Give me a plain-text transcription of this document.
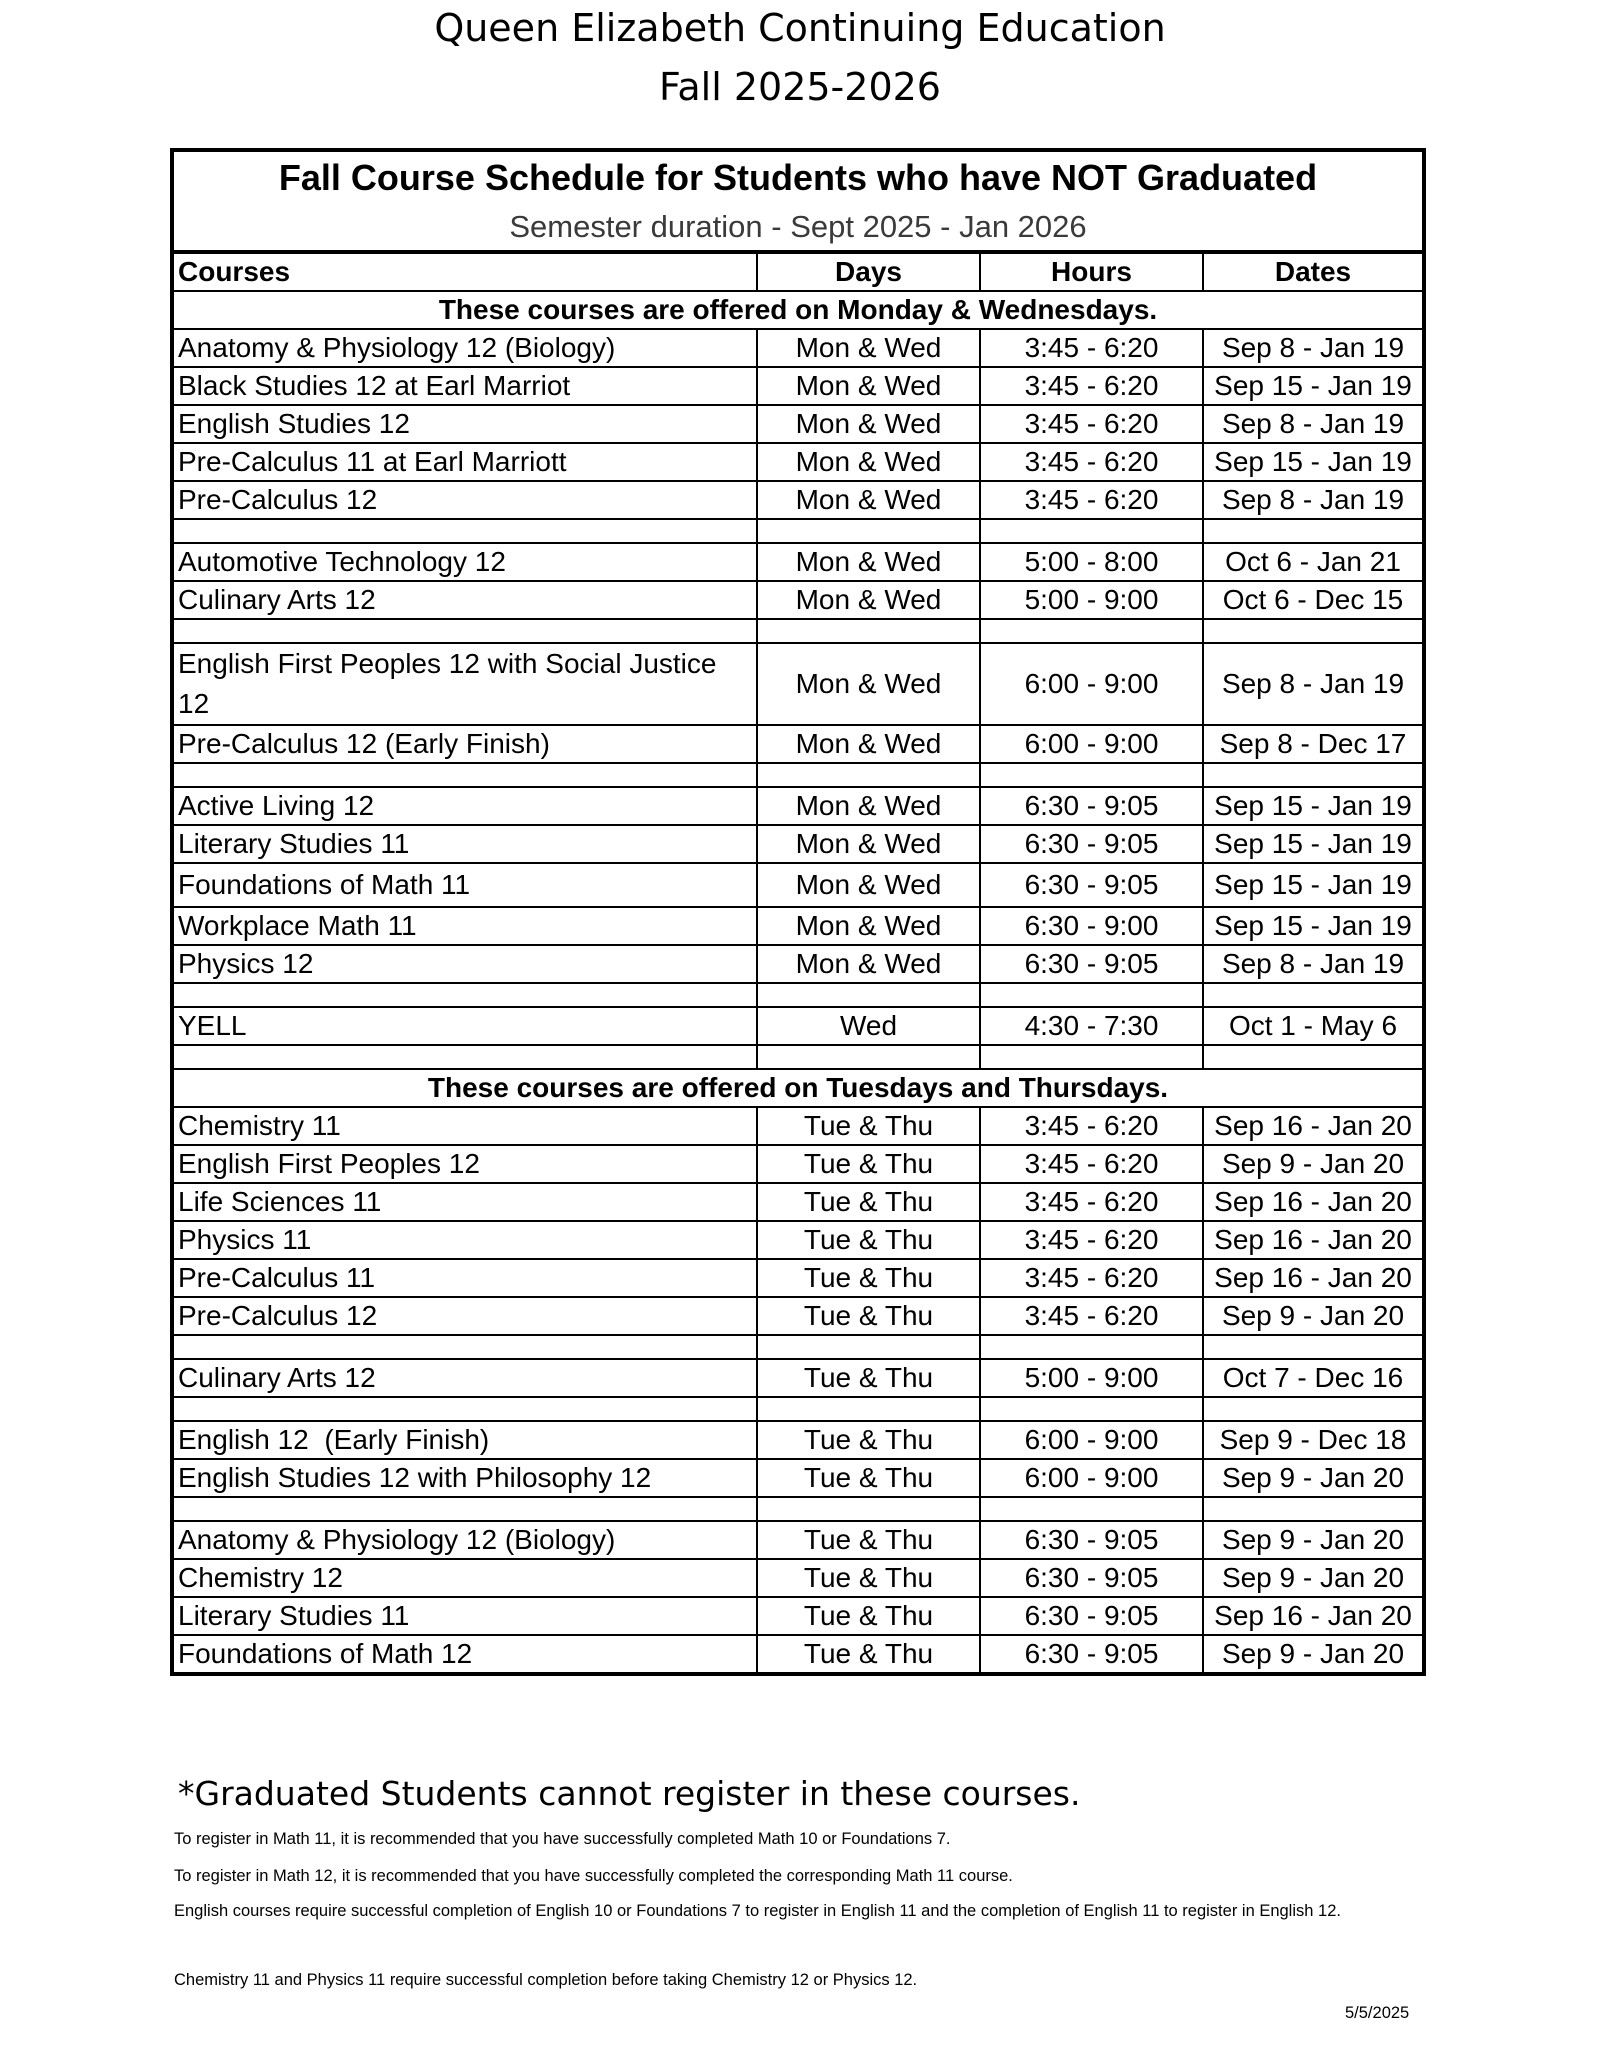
Queen Elizabeth Continuing Education
Fall 2025-2026
Fall Course Schedule for Students who have NOT Graduated
Semester duration - Sept 2025 - Jan 2026
Courses	Days	Hours	Dates
These courses are offered on Monday & Wednesdays.			
Anatomy & Physiology 12 (Biology)	Mon & Wed	3:45 - 6:20	Sep 8 - Jan 19
Black Studies 12 at Earl Marriot	Mon & Wed	3:45 - 6:20	Sep 15 - Jan 19
English Studies 12	Mon & Wed	3:45 - 6:20	Sep 8 - Jan 19
Pre-Calculus 11 at Earl Marriott	Mon & Wed	3:45 - 6:20	Sep 15 - Jan 19
Pre-Calculus 12	Mon & Wed	3:45 - 6:20	Sep 8 - Jan 19

Automotive Technology 12	Mon & Wed	5:00 - 8:00	Oct 6 - Jan 21
Culinary Arts 12	Mon & Wed	5:00 - 9:00	Oct 6 - Dec 15

English First Peoples 12 with Social Justice 12	Mon & Wed	6:00 - 9:00	Sep 8 - Jan 19
Pre-Calculus 12 (Early Finish)	Mon & Wed	6:00 - 9:00	Sep 8 - Dec 17

Active Living 12	Mon & Wed	6:30 - 9:05	Sep 15 - Jan 19
Literary Studies 11	Mon & Wed	6:30 - 9:05	Sep 15 - Jan 19
Foundations of Math 11	Mon & Wed	6:30 - 9:05	Sep 15 - Jan 19
Workplace Math 11	Mon & Wed	6:30 - 9:00	Sep 15 - Jan 19
Physics 12	Mon & Wed	6:30 - 9:05	Sep 8 - Jan 19

YELL	Wed	4:30 - 7:30	Oct 1 - May 6

These courses are offered on Tuesdays and Thursdays.			
Chemistry 11	Tue & Thu	3:45 - 6:20	Sep 16 - Jan 20
English First Peoples 12	Tue & Thu	3:45 - 6:20	Sep 9 - Jan 20
Life Sciences 11	Tue & Thu	3:45 - 6:20	Sep 16 - Jan 20
Physics 11	Tue & Thu	3:45 - 6:20	Sep 16 - Jan 20
Pre-Calculus 11	Tue & Thu	3:45 - 6:20	Sep 16 - Jan 20
Pre-Calculus 12	Tue & Thu	3:45 - 6:20	Sep 9 - Jan 20

Culinary Arts 12	Tue & Thu	5:00 - 9:00	Oct 7 - Dec 16

English 12  (Early Finish)	Tue & Thu	6:00 - 9:00	Sep 9 - Dec 18
English Studies 12 with Philosophy 12	Tue & Thu	6:00 - 9:00	Sep 9 - Jan 20

Anatomy & Physiology 12 (Biology)	Tue & Thu	6:30 - 9:05	Sep 9 - Jan 20
Chemistry 12	Tue & Thu	6:30 - 9:05	Sep 9 - Jan 20
Literary Studies 11	Tue & Thu	6:30 - 9:05	Sep 16 - Jan 20
Foundations of Math 12	Tue & Thu	6:30 - 9:05	Sep 9 - Jan 20
*Graduated Students cannot register in these courses.
To register in Math 11, it is recommended that you have successfully completed Math 10 or Foundations 7.
To register in Math 12, it is recommended that you have successfully completed the corresponding Math 11 course.
English courses require successful completion of English 10 or Foundations 7 to register in English 11 and the completion of English 11 to register in English 12.
Chemistry 11 and Physics 11 require successful completion before taking Chemistry 12 or Physics 12.
5/5/2025
